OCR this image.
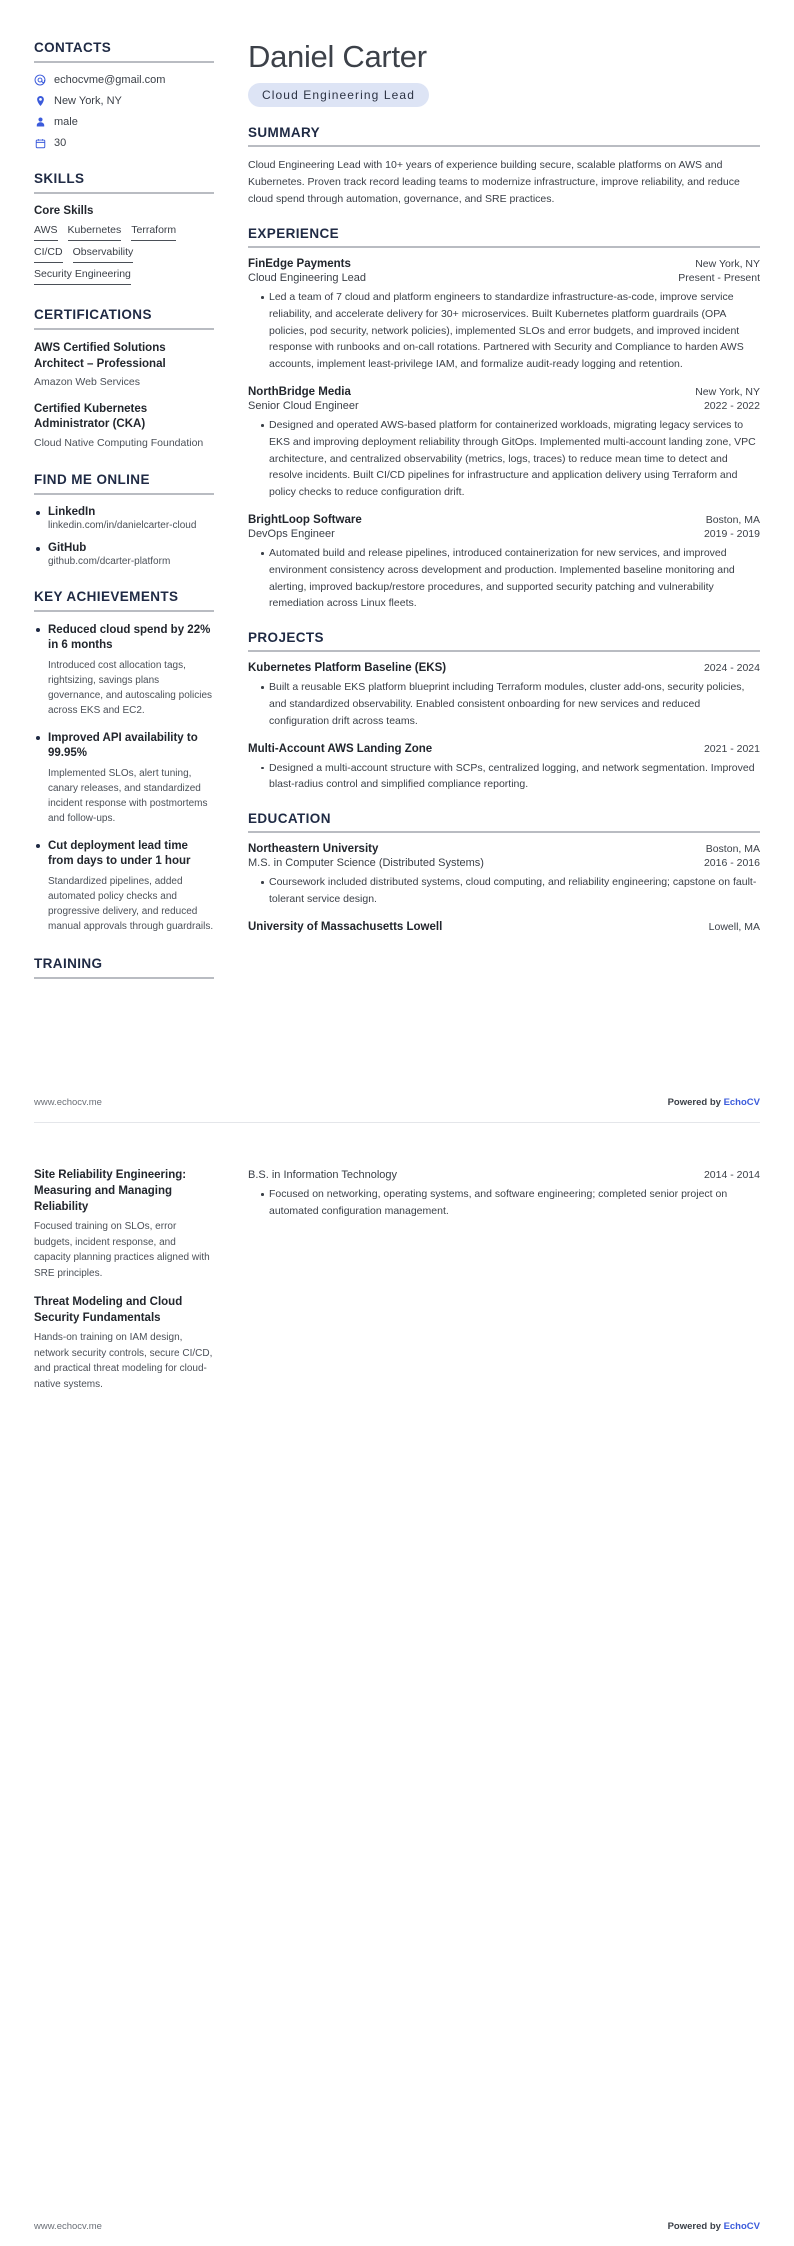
CONTACTS
echocvme@gmail.com
New York, NY
male
30
SKILLS
Core Skills
AWS Kubernetes Terraform
CI/CD Observability
Security Engineering
CERTIFICATIONS
AWS Certified Solutions Architect – Professional
Amazon Web Services
Certified Kubernetes Administrator (CKA)
Cloud Native Computing Foundation
FIND ME ONLINE
LinkedIn
linkedin.com/in/danielcarter-cloud
GitHub
github.com/dcarter-platform
KEY ACHIEVEMENTS
Reduced cloud spend by 22% in 6 months
Introduced cost allocation tags, rightsizing, savings plans governance, and autoscaling policies across EKS and EC2.
Improved API availability to 99.95%
Implemented SLOs, alert tuning, canary releases, and standardized incident response with postmortems and follow-ups.
Cut deployment lead time from days to under 1 hour
Standardized pipelines, added automated policy checks and progressive delivery, and reduced manual approvals through guardrails.
TRAINING
Daniel Carter
Cloud Engineering Lead
SUMMARY

Cloud Engineering Lead with 10+ years of experience building secure, scalable platforms on AWS and Kubernetes. Proven track record leading teams to modernize infrastructure, improve reliability, and reduce cloud spend through automation, governance, and SRE practices.

EXPERIENCE
FinEdge Payments	New York, NY
Cloud Engineering Lead	Present - Present
Led a team of 7 cloud and platform engineers to standardize infrastructure-as-code, improve service reliability, and accelerate delivery for 30+ microservices. Built Kubernetes platform guardrails (OPA policies, pod security, network policies), implemented SLOs and error budgets, and improved incident response with runbooks and on-call rotations. Partnered with Security and Compliance to harden AWS accounts, implement least-privilege IAM, and formalize audit-ready logging and retention.
NorthBridge Media	New York, NY
Senior Cloud Engineer	2022 - 2022
Designed and operated AWS-based platform for containerized workloads, migrating legacy services to EKS and improving deployment reliability through GitOps. Implemented multi-account landing zone, VPC architecture, and centralized observability (metrics, logs, traces) to reduce mean time to detect and resolve incidents. Built CI/CD pipelines for infrastructure and application delivery using Terraform and policy checks to reduce configuration drift.
BrightLoop Software	Boston, MA
DevOps Engineer	2019 - 2019
Automated build and release pipelines, introduced containerization for new services, and improved environment consistency across development and production. Implemented baseline monitoring and alerting, improved backup/restore procedures, and supported security patching and vulnerability remediation across Linux fleets.
PROJECTS
Kubernetes Platform Baseline (EKS)	2024 - 2024
Built a reusable EKS platform blueprint including Terraform modules, cluster add-ons, security policies, and standardized observability. Enabled consistent onboarding for new services and reduced configuration drift across teams.
Multi-Account AWS Landing Zone	2021 - 2021
Designed a multi-account structure with SCPs, centralized logging, and network segmentation. Improved blast-radius control and simplified compliance reporting.
EDUCATION
Northeastern University	Boston, MA
M.S. in Computer Science (Distributed Systems)	2016 - 2016
Coursework included distributed systems, cloud computing, and reliability engineering; capstone on fault-tolerant service design.
University of Massachusetts Lowell	Lowell, MA
www.echocv.me	Powered by EchoCV
Site Reliability Engineering: Measuring and Managing Reliability
Focused training on SLOs, error budgets, incident response, and capacity planning practices aligned with SRE principles.
Threat Modeling and Cloud Security Fundamentals
Hands-on training on IAM design, network security controls, secure CI/CD, and practical threat modeling for cloud-native systems.
B.S. in Information Technology	2014 - 2014
Focused on networking, operating systems, and software engineering; completed senior project on automated configuration management.
www.echocv.me	Powered by EchoCV
